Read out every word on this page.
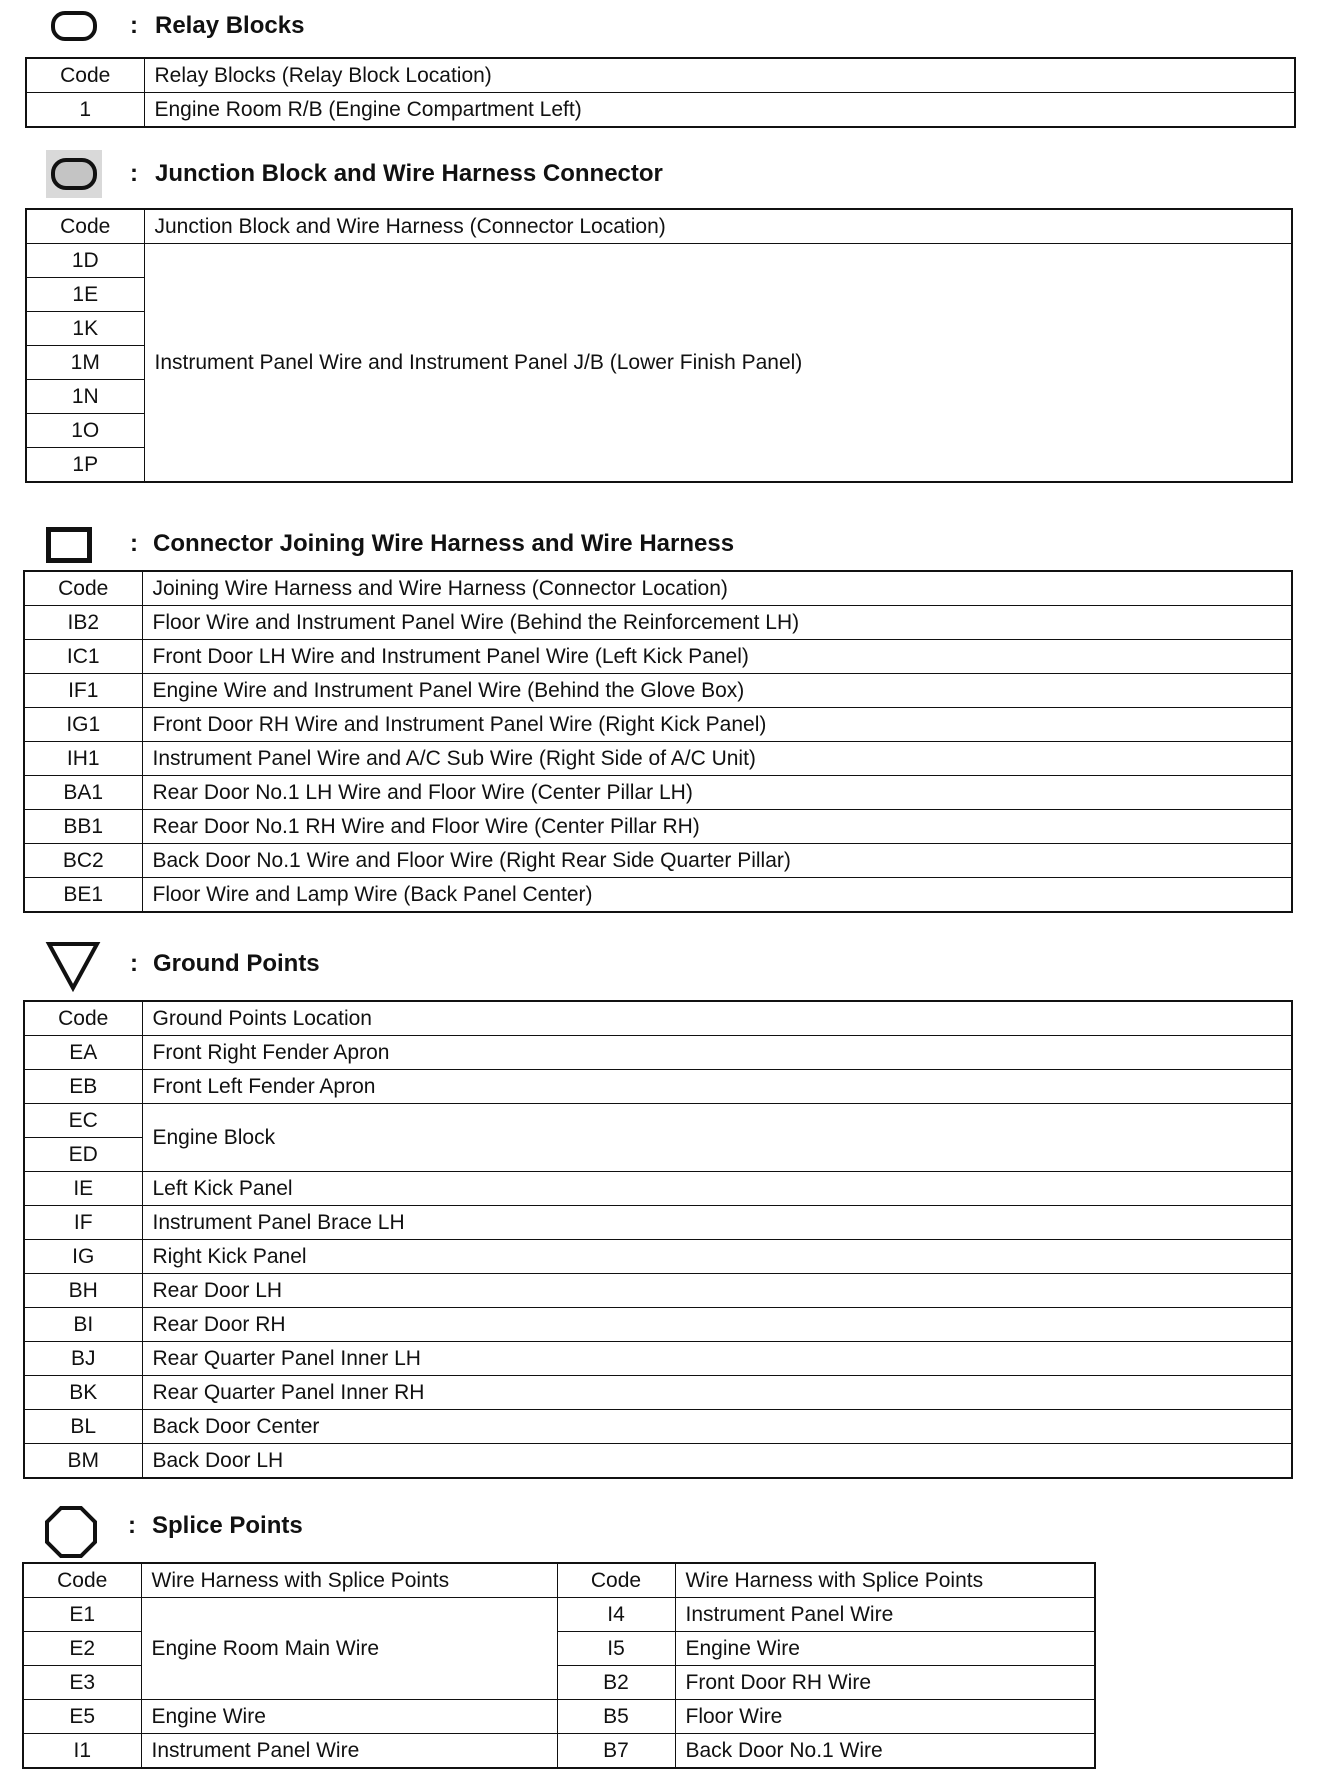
: Relay Blocks
Code	Relay Blocks (Relay Block Location)
1	Engine Room R/B (Engine Compartment Left)
: Junction Block and Wire Harness Connector
Code	Junction Block and Wire Harness (Connector Location)
1D	Instrument Panel Wire and Instrument Panel J/B (Lower Finish Panel)
1E	
1K	
1M	
1N	
1O	
1P	
: Connector Joining Wire Harness and Wire Harness
Code	Joining Wire Harness and Wire Harness (Connector Location)
IB2	Floor Wire and Instrument Panel Wire (Behind the Reinforcement LH)
IC1	Front Door LH Wire and Instrument Panel Wire (Left Kick Panel)
IF1	Engine Wire and Instrument Panel Wire (Behind the Glove Box)
IG1	Front Door RH Wire and Instrument Panel Wire (Right Kick Panel)
IH1	Instrument Panel Wire and A/C Sub Wire (Right Side of A/C Unit)
BA1	Rear Door No.1 LH Wire and Floor Wire (Center Pillar LH)
BB1	Rear Door No.1 RH Wire and Floor Wire (Center Pillar RH)
BC2	Back Door No.1 Wire and Floor Wire (Right Rear Side Quarter Pillar)
BE1	Floor Wire and Lamp Wire (Back Panel Center)
: Ground Points
Code	Ground Points Location
EA	Front Right Fender Apron
EB	Front Left Fender Apron
EC	Engine Block
ED	
IE	Left Kick Panel
IF	Instrument Panel Brace LH
IG	Right Kick Panel
BH	Rear Door LH
BI	Rear Door RH
BJ	Rear Quarter Panel Inner LH
BK	Rear Quarter Panel Inner RH
BL	Back Door Center
BM	Back Door LH
: Splice Points
Code	Wire Harness with Splice Points	Code	Wire Harness with Splice Points
E1	Engine Room Main Wire	I4	Instrument Panel Wire
E2		I5	Engine Wire
E3		B2	Front Door RH Wire
E5	Engine Wire	B5	Floor Wire
I1	Instrument Panel Wire	B7	Back Door No.1 Wire
